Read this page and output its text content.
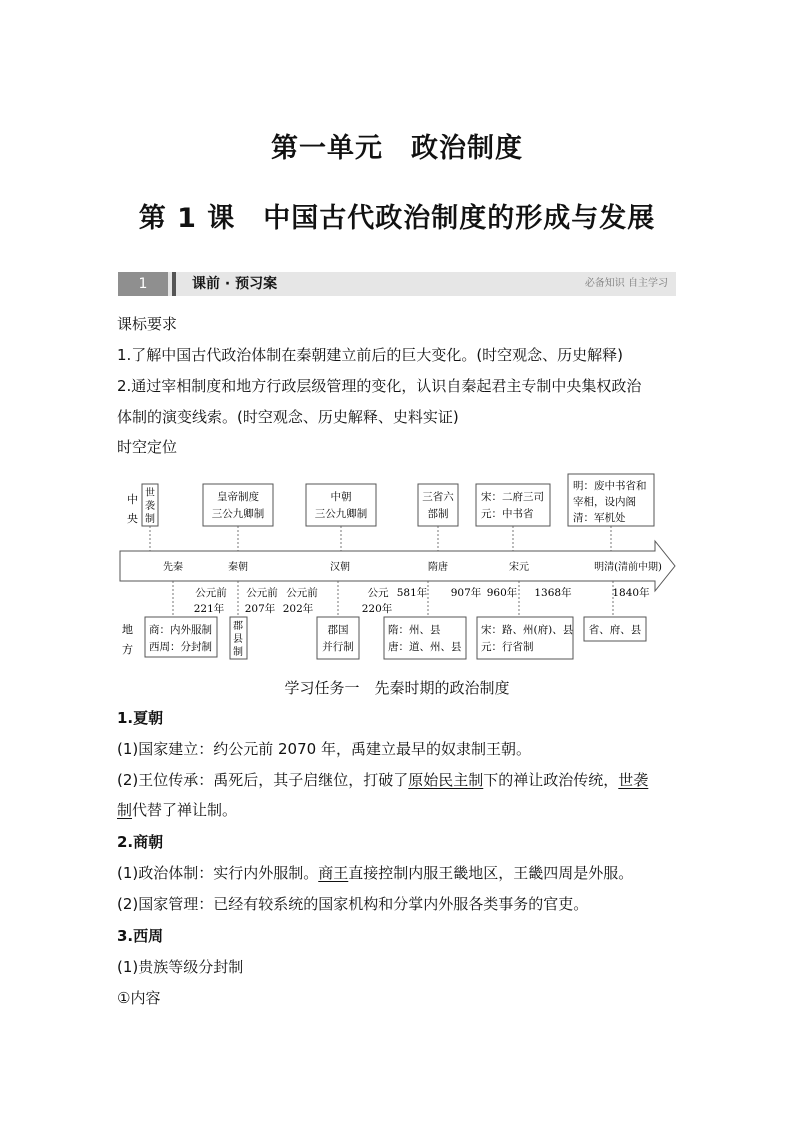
第一单元　政治制度
第 1 课　中国古代政治制度的形成与发展
1	课前 · 预习案	必备知识 自主学习
课标要求
1.了解中国古代政治体制在秦朝建立前后的巨大变化。(时空观念、历史解释)
2.通过宰相制度和地方行政层级管理的变化，认识自秦起君主专制中央集权政治
体制的演变线索。(时空观念、历史解释、史料实证)
时空定位
中
央
地
方
世
袭
制
皇帝制度
三公九卿制
中朝
三公九卿制
三省六
部制
宋：二府三司
元：中书省
明：废中书省和
宰相，设内阁
清：军机处
先秦	秦朝	汉朝	隋唐	宋元	明清(清前中期)
公元前
221年
公元前
207年
公元前
202年
公元
220年
581年 907年 960年 1368年	1840年
商：内外服制
西周：分封制
郡
县
制
郡国
并行制
隋：州、县
唐：道、州、县
宋：路、州(府)、县
元：行省制
省、府、县
学习任务一　先秦时期的政治制度
1.夏朝
(1)国家建立：约公元前 2070 年，禹建立最早的奴隶制王朝。
(2)王位传承：禹死后，其子启继位，打破了原始民主制下的禅让政治传统，世袭
制代替了禅让制。
2.商朝
(1)政治体制：实行内外服制。商王直接控制内服王畿地区，王畿四周是外服。
(2)国家管理：已经有较系统的国家机构和分掌内外服各类事务的官吏。
3.西周
(1)贵族等级分封制
①内容
